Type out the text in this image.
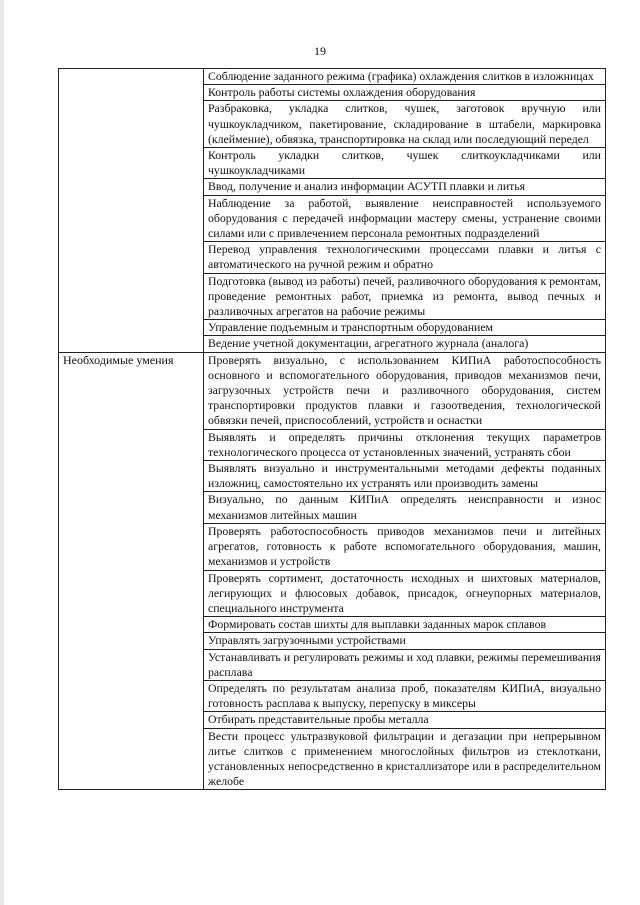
19
	Соблюдение заданного режима (графика) охлаждения слитков в изложницах
	Контроль работы системы охлаждения оборудования
	Разбраковка, укладка слитков, чушек, заготовок вручную или чушкоукладчиком, пакетирование, складирование в штабели, маркировка (клеймение), обвязка, транспортировка на склад или последующий передел
	Контроль укладки слитков, чушек слиткоукладчиками или чушкоукладчиками
	Ввод, получение и анализ информации АСУТП плавки и литья
	Наблюдение за работой, выявление неисправностей используемого оборудования с передачей информации мастеру смены, устранение своими силами или с привлечением персонала ремонтных подразделений
	Перевод управления технологическими процессами плавки и литья с автоматического на ручной режим и обратно
	Подготовка (вывод из работы) печей, разливочного оборудования к ремонтам, проведение ремонтных работ, приемка из ремонта, вывод печных и разливочных агрегатов на рабочие режимы
	Управление подъемным и транспортным оборудованием
	Ведение учетной документации, агрегатного журнала (аналога)
Необходимые умения	Проверять визуально, с использованием КИПиА работоспособность основного и вспомогательного оборудования, приводов механизмов печи, загрузочных устройств печи и разливочного оборудования, систем транспортировки продуктов плавки и газоотведения, технологической обвязки печей, приспособлений, устройств и оснастки
	Выявлять и определять причины отклонения текущих параметров технологического процесса от установленных значений, устранять сбои
	Выявлять визуально и инструментальными методами дефекты поданных изложниц, самостоятельно их устранять или производить замены
	Визуально, по данным КИПиА определять неисправности и износ механизмов литейных машин
	Проверять работоспособность приводов механизмов печи и литейных агрегатов, готовность к работе вспомогательного оборудования, машин, механизмов и устройств
	Проверять сортимент, достаточность исходных и шихтовых материалов, легирующих и флюсовых добавок, присадок, огнеупорных материалов, специального инструмента
	Формировать состав шихты для выплавки заданных марок сплавов
	Управлять загрузочными устройствами
	Устанавливать и регулировать режимы и ход плавки, режимы перемешивания расплава
	Определять по результатам анализа проб, показателям КИПиА, визуально готовность расплава к выпуску, перепуску в миксеры
	Отбирать представительные пробы металла
	Вести процесс ультразвуковой фильтрации и дегазации при непрерывном литье слитков с применением многослойных фильтров из стеклоткани, установленных непосредственно в кристаллизаторе или в распределительном желобе
